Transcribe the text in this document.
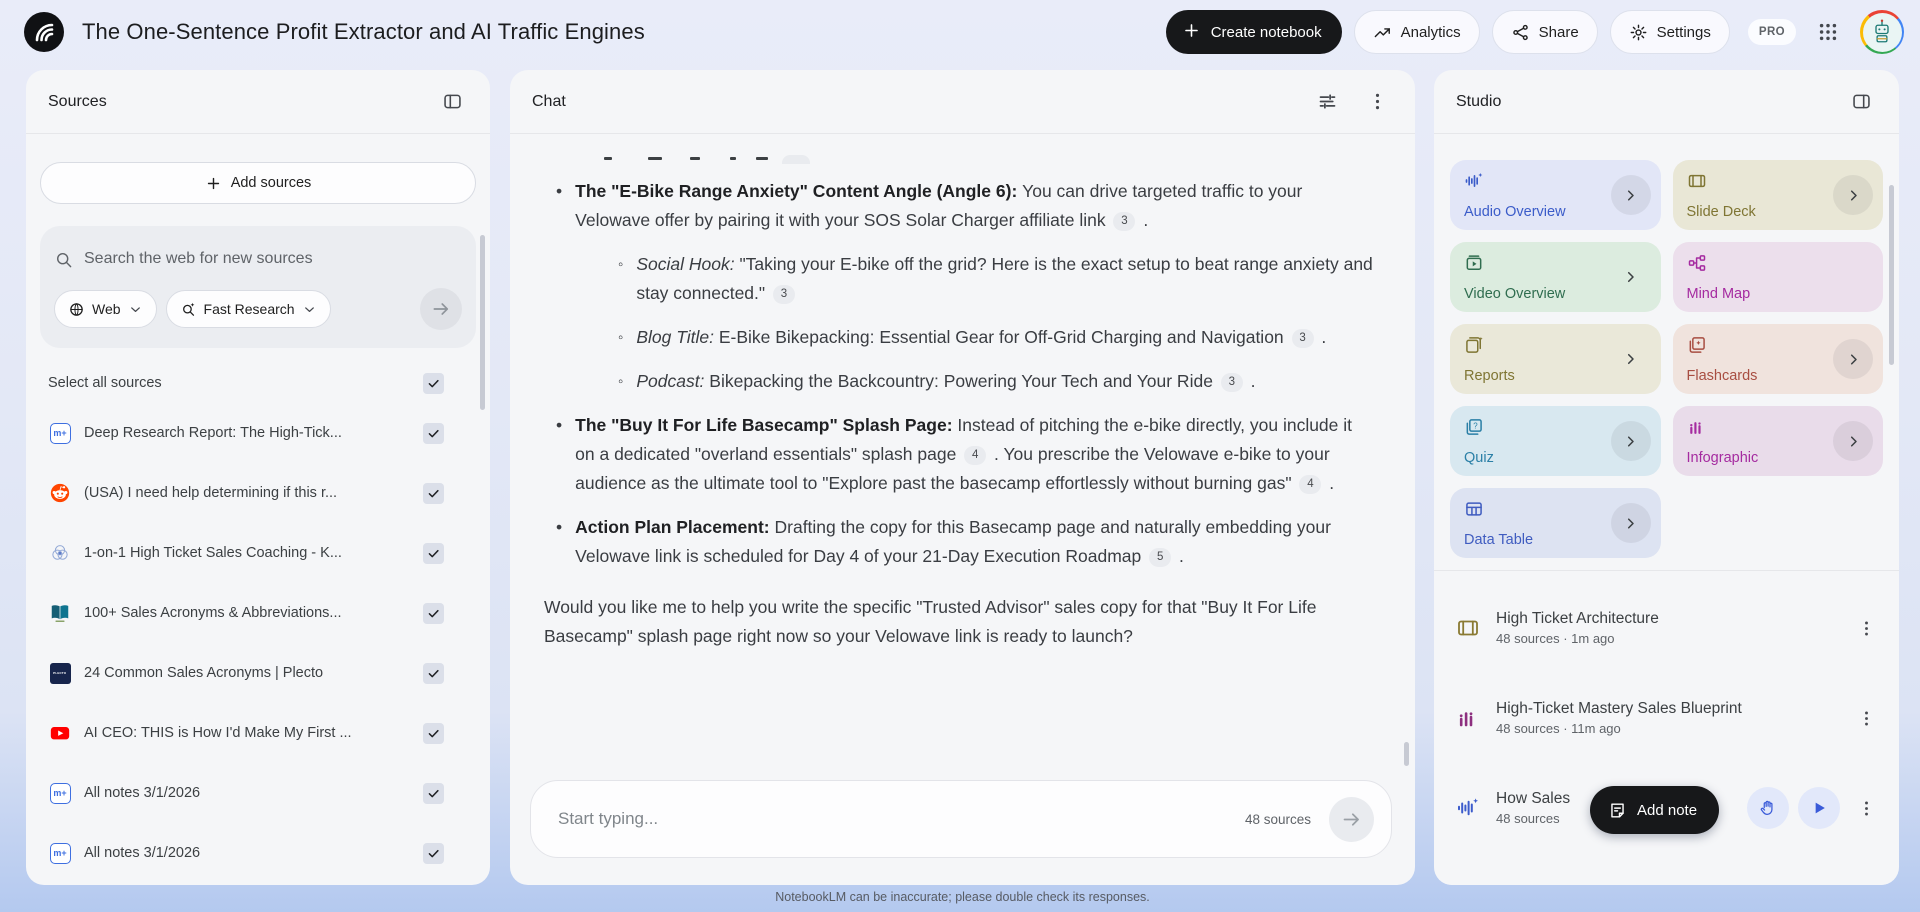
The One-Sentence Profit Extractor and AI Traffic Engines	Create notebook	Analytics	Share	Settings	PRO
Sources
Add sources
Search the web for new sources
Web	Fast Research
Select all sources
m+ Deep Research Report: The High-Tick...
(USA) I need help determining if this r...
1-on-1 High Ticket Sales Coaching - K...
100+ Sales Acronyms & Abbreviations...
PLECTO 24 Common Sales Acronyms | Plecto
AI CEO: THIS is How I'd Make My First ...
m+ All notes 3/1/2026
m+ All notes 3/1/2026
Chat
• The "E-Bike Range Anxiety" Content Angle (Angle 6): You can drive targeted traffic to your Velowave offer by pairing it with your SOS Solar Charger affiliate link 3 .
◦ Social Hook: "Taking your E-bike off the grid? Here is the exact setup to beat range anxiety and stay connected." 3
◦ Blog Title: E-Bike Bikepacking: Essential Gear for Off-Grid Charging and Navigation 3 .
◦ Podcast: Bikepacking the Backcountry: Powering Your Tech and Your Ride 3 .
• The "Buy It For Life Basecamp" Splash Page: Instead of pitching the e-bike directly, you include it on a dedicated "overland essentials" splash page 4 . You prescribe the Velowave e-bike to your audience as the ultimate tool to "Explore past the basecamp effortlessly without burning gas" 4 .
• Action Plan Placement: Drafting the copy for this Basecamp page and naturally embedding your Velowave link is scheduled for Day 4 of your 21-Day Execution Roadmap 5 .
Would you like me to help you write the specific "Trusted Advisor" sales copy for that "Buy It For Life Basecamp" splash page right now so your Velowave link is ready to launch?
Start typing...
48 sources
Studio
Audio Overview	Slide Deck
Video Overview	Mind Map
Reports	Flashcards
?
Quiz	Infographic
Data Table
High Ticket Architecture
48 sources · 1m ago
High-Ticket Mastery Sales Blueprint
48 sources · 11m ago
How Sales
48 sources	Add note
NotebookLM can be inaccurate; please double check its responses.
